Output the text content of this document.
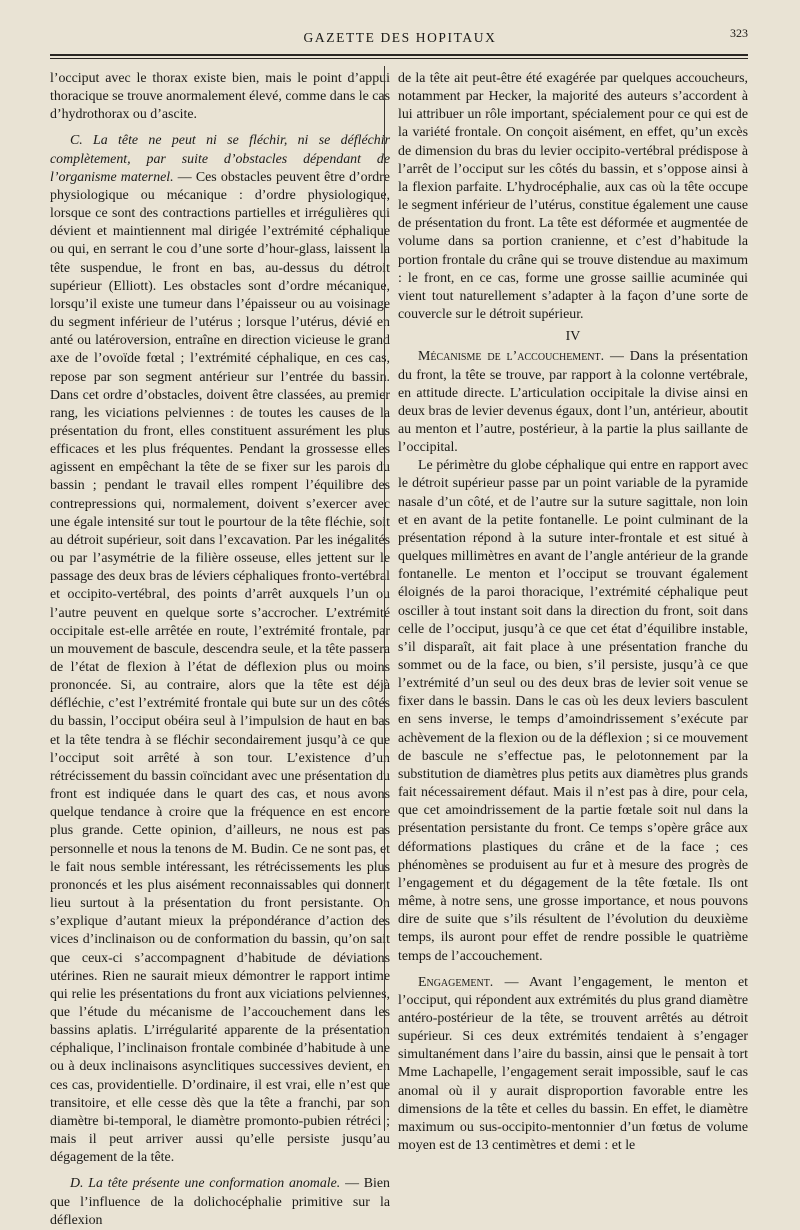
GAZETTE DES HOPITAUX	323

l’occiput avec le thorax existe bien, mais le point d’appui thoracique se trouve anormalement élevé, comme dans le cas d’hydrothorax ou d’ascite.

C. La tête ne peut ni se fléchir, ni se défléchir complètement, par suite d’obstacles dépendant de l’organisme maternel. — Ces obstacles peuvent être d’ordre physiologique ou mécanique : d’ordre physiologique, lorsque ce sont des contractions partielles et irrégulières qui dévient et maintiennent mal dirigée l’extrémité céphalique ou qui, en serrant le cou d’une sorte d’hour-glass, laissent la tête suspendue, le front en bas, au-dessus du détroit supérieur (Elliott). Les obstacles sont d’ordre mécanique, lorsqu’il existe une tumeur dans l’épaisseur ou au voisinage du segment inférieur de l’utérus ; lorsque l’utérus, dévié en anté ou latéroversion, entraîne en direction vicieuse le grand axe de l’ovoïde fœtal ; l’extrémité céphalique, en ces cas, repose par son segment antérieur sur l’entrée du bassin. Dans cet ordre d’obstacles, doivent être classées, au premier rang, les viciations pelviennes : de toutes les causes de la présentation du front, elles constituent assurément les plus efficaces et les plus fréquentes. Pendant la grossesse elles agissent en empêchant la tête de se fixer sur les parois du bassin ; pendant le travail elles rompent l’équilibre des contrepressions qui, normalement, doivent s’exercer avec une égale intensité sur tout le pourtour de la tête fléchie, soit au détroit supérieur, soit dans l’excavation. Par les inégalités ou par l’asymétrie de la filière osseuse, elles jettent sur le passage des deux bras de léviers céphaliques fronto-vertébral et occipito-vertébral, des points d’arrêt auxquels l’un ou l’autre peuvent en quelque sorte s’accrocher. L’extrémité occipitale est-elle arrêtée en route, l’extrémité frontale, par un mouvement de bascule, descendra seule, et la tête passera de l’état de flexion à l’état de déflexion plus ou moins prononcée. Si, au contraire, alors que la tête est déjà défléchie, c’est l’extrémité frontale qui bute sur un des côtés du bassin, l’occiput obéira seul à l’impulsion de haut en bas et la tête tendra à se fléchir secondairement jusqu’à ce que l’occiput soit arrêté à son tour. L’existence d’un rétrécissement du bassin coïncidant avec une présentation du front est indiquée dans le quart des cas, et nous avons quelque tendance à croire que la fréquence en est encore plus grande. Cette opinion, d’ailleurs, ne nous est pas personnelle et nous la tenons de M. Budin. Ce ne sont pas, et le fait nous semble intéressant, les rétrécissements les plus prononcés et les plus aisément reconnaissables qui donnent lieu surtout à la présentation du front persistante. On s’explique d’autant mieux la prépondérance d’action des vices d’inclinaison ou de conformation du bassin, qu’on sait que ceux-ci s’accompagnent d’habitude de déviations utérines. Rien ne saurait mieux démontrer le rapport intime qui relie les présentations du front aux viciations pelviennes, que l’étude du mécanisme de l’accouchement dans les bassins aplatis. L’irrégularité apparente de la présentation céphalique, l’inclinaison frontale combinée d’habitude à une ou à deux inclinaisons asynclitiques successives devient, en ces cas, providentielle. D’ordinaire, il est vrai, elle n’est que transitoire, et elle cesse dès que la tête a franchi, par son diamètre bi-temporal, le diamètre promonto-pubien rétréci ; mais il peut arriver aussi qu’elle persiste jusqu’au dégagement de la tête.

D. La tête présente une conformation anomale. — Bien que l’influence de la dolichocéphalie primitive sur la déflexion

de la tête ait peut-être été exagérée par quelques accoucheurs, notamment par Hecker, la majorité des auteurs s’accordent à lui attribuer un rôle important, spécialement pour ce qui est de la variété frontale. On conçoit aisément, en effet, qu’un excès de dimension du bras du levier occipito-vertébral prédispose à l’arrêt de l’occiput sur les côtés du bassin, et s’oppose ainsi à la flexion parfaite. L’hydrocéphalie, aux cas où la tête occupe le segment inférieur de l’utérus, constitue également une cause de présentation du front. La tête est déformée et augmentée de volume dans sa portion cranienne, et c’est d’habitude la portion frontale du crâne qui se trouve distendue au maximum : le front, en ce cas, forme une grosse saillie acuminée qui vient tout naturellement s’adapter à la façon d’une sorte de couvercle sur le détroit supérieur.

IV

Mécanisme de l’accouchement. — Dans la présentation du front, la tête se trouve, par rapport à la colonne vertébrale, en attitude directe. L’articulation occipitale la divise ainsi en deux bras de levier devenus égaux, dont l’un, antérieur, aboutit au menton et l’autre, postérieur, à la partie la plus saillante de l’occipital.

Le périmètre du globe céphalique qui entre en rapport avec le détroit supérieur passe par un point variable de la pyramide nasale d’un côté, et de l’autre sur la suture sagittale, non loin et en avant de la petite fontanelle. Le point culminant de la présentation répond à la suture inter-frontale et est situé à quelques millimètres en avant de l’angle antérieur de la grande fontanelle. Le menton et l’occiput se trouvant également éloignés de la paroi thoracique, l’extrémité céphalique peut osciller à tout instant soit dans la direction du front, soit dans celle de l’occiput, jusqu’à ce que cet état d’équilibre instable, s’il disparaît, ait fait place à une présentation franche du sommet ou de la face, ou bien, s’il persiste, jusqu’à ce que l’extrémité d’un seul ou des deux bras de levier soit venue se fixer dans le bassin. Dans le cas où les deux leviers basculent en sens inverse, le temps d’amoindrissement s’exécute par achèvement de la flexion ou de la déflexion ; si ce mouvement de bascule ne s’effectue pas, le pelotonnement par la substitution de diamètres plus petits aux diamètres plus grands fait nécessairement défaut. Mais il n’est pas à dire, pour cela, que cet amoindrissement de la partie fœtale soit nul dans la présentation persistante du front. Ce temps s’opère grâce aux déformations plastiques du crâne et de la face ; ces phénomènes se produisent au fur et à mesure des progrès de l’engagement et du dégagement de la tête fœtale. Ils ont même, à notre sens, une grosse importance, et nous pouvons dire de suite que s’ils résultent de l’évolution du deuxième temps, ils auront pour effet de rendre possible le quatrième temps de l’accouchement.

Engagement. — Avant l’engagement, le menton et l’occiput, qui répondent aux extrémités du plus grand diamètre antéro-postérieur de la tête, se trouvent arrêtés au détroit supérieur. Si ces deux extrémités tendaient à s’engager simultanément dans l’aire du bassin, ainsi que le pensait à tort Mme Lachapelle, l’engagement serait impossible, sauf le cas anomal où il y aurait disproportion favorable entre les dimensions de la tête et celles du bassin. En effet, le diamètre maximum ou sus-occipito-mentonnier d’un fœtus de volume moyen est de 13 centimètres et demi : et le
